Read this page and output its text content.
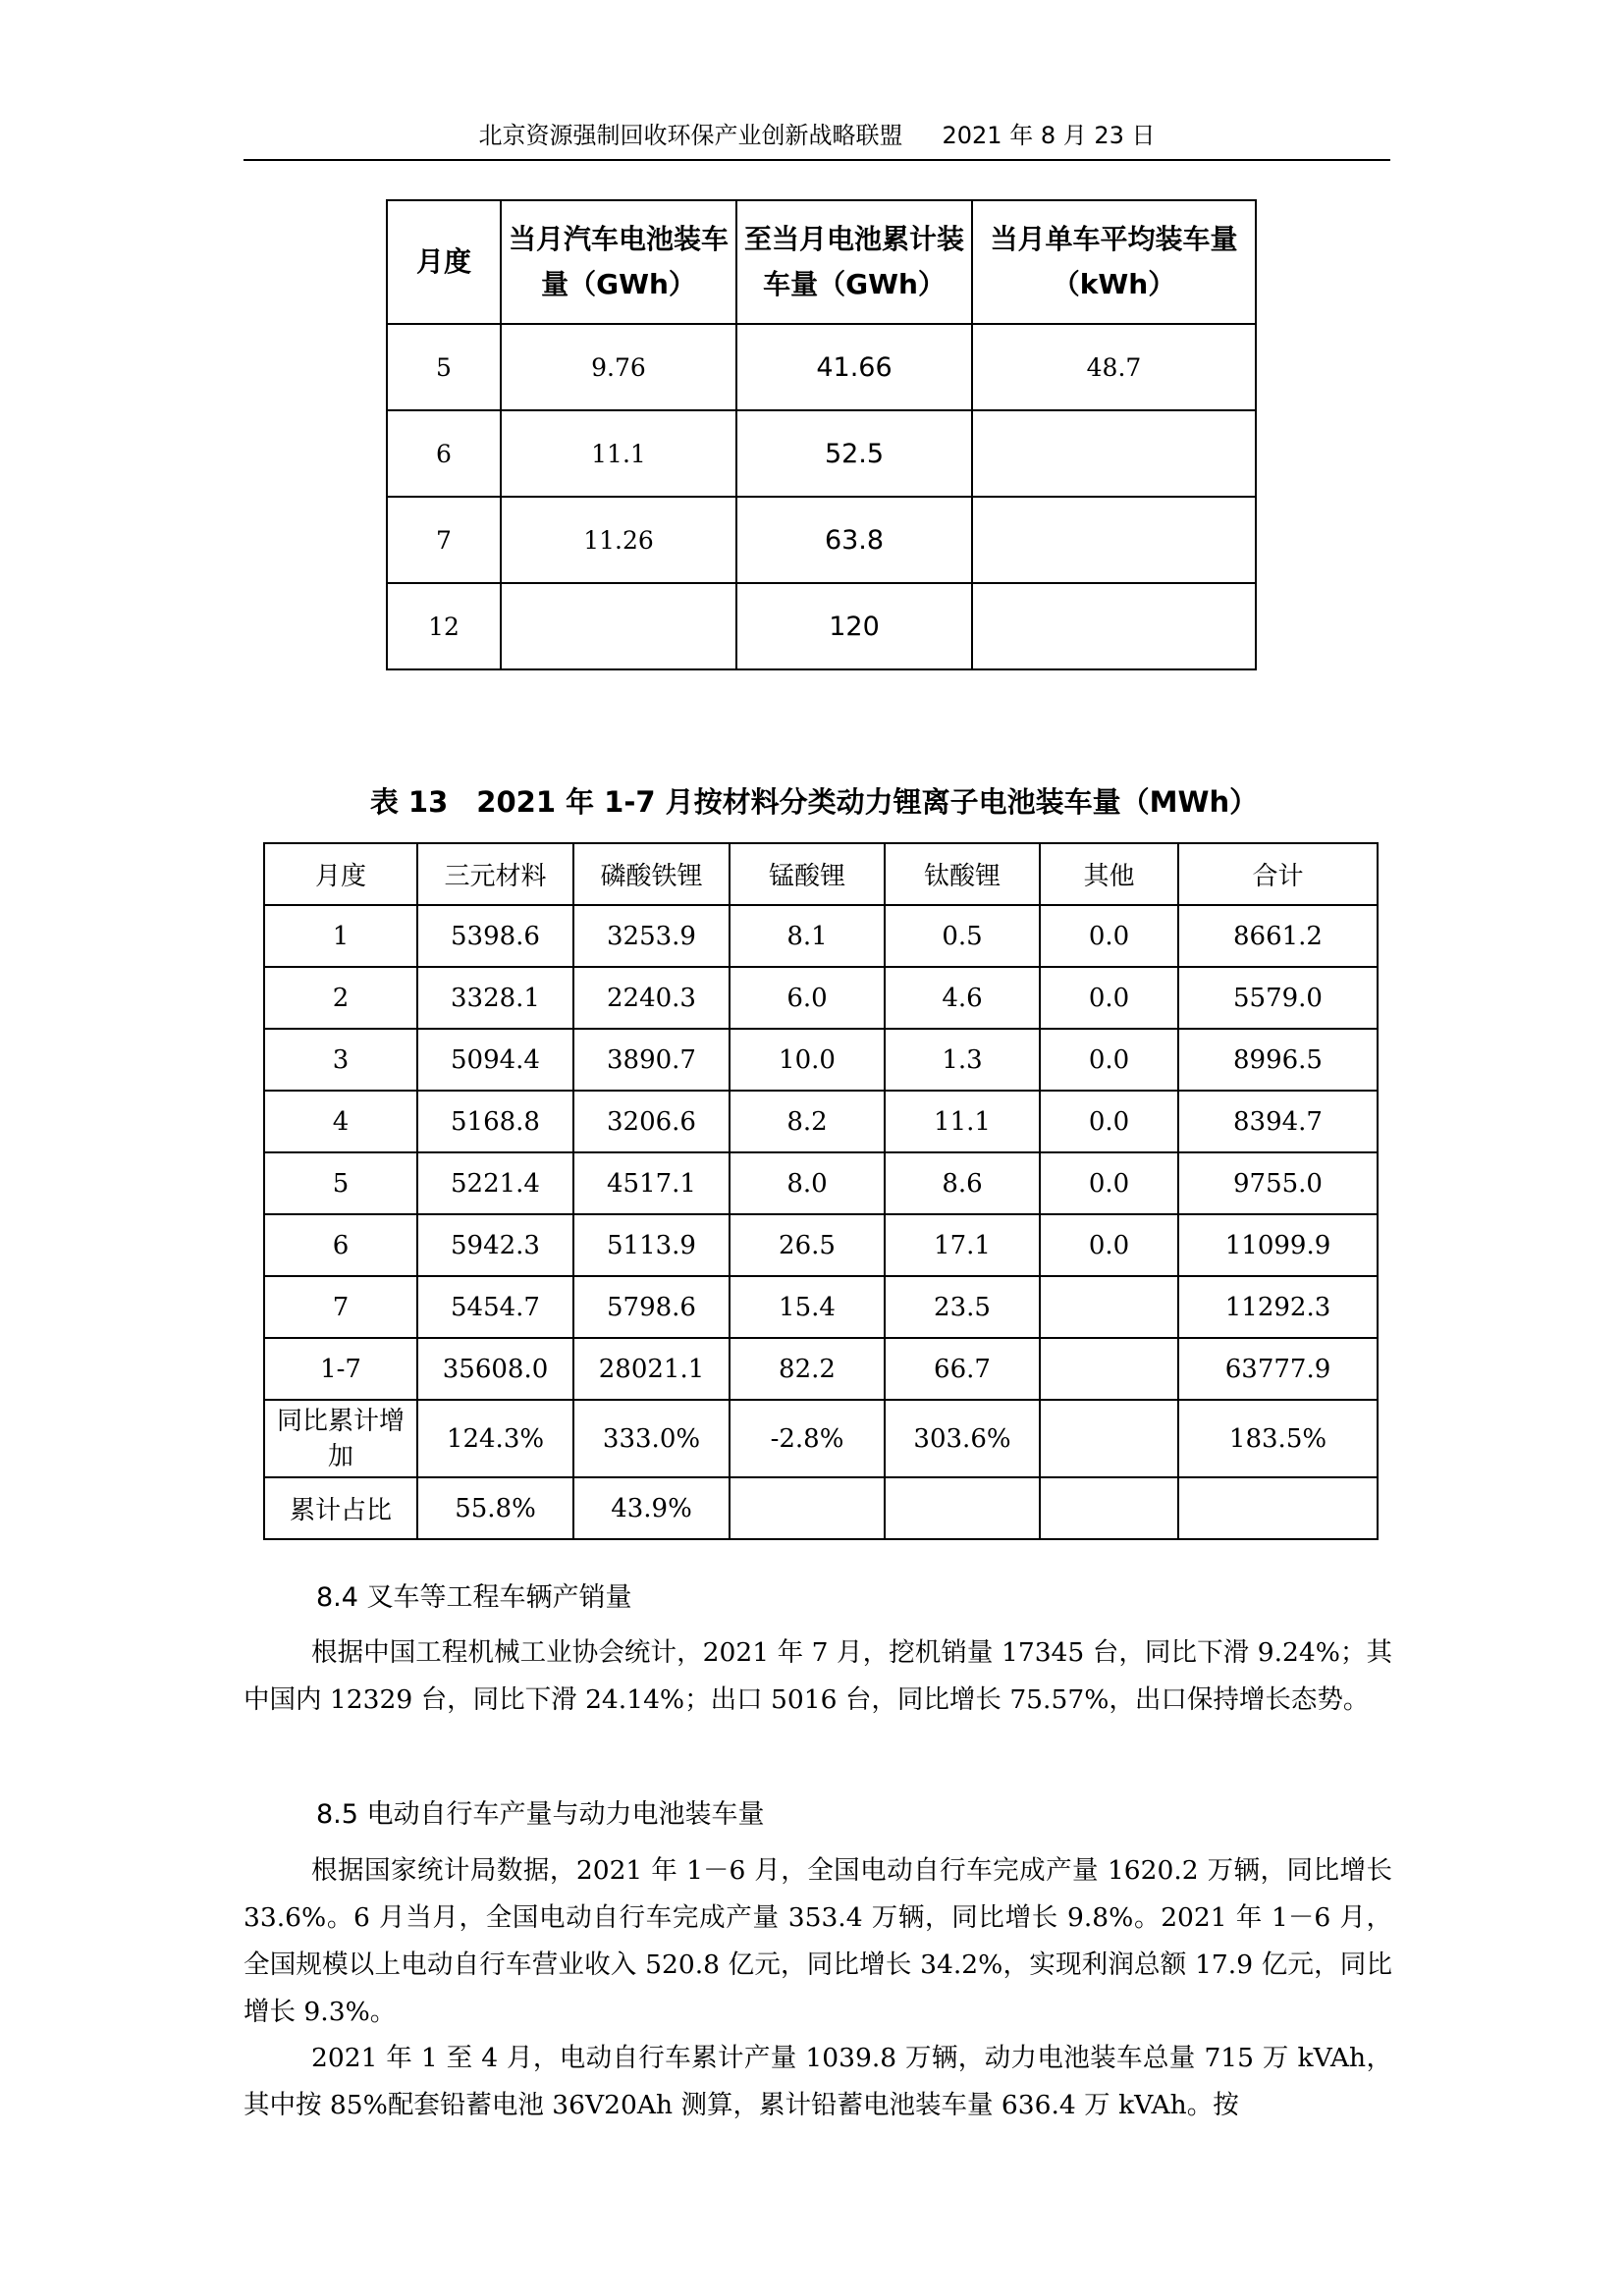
北京资源强制回收环保产业创新战略联盟 2021 年 8 月 23 日
月度	当月汽车电池装车量（GWh）	至当月电池累计装车量（GWh）	当月单车平均装车量（kWh）
5	9.76	41.66	48.7
6	11.1	52.5	
7	11.26	63.8	
12		120	
表 13　2021 年 1-7 月按材料分类动力锂离子电池装车量（MWh）
月度	三元材料	磷酸铁锂	锰酸锂	钛酸锂	其他	合计
1	5398.6	3253.9	8.1	0.5	0.0	8661.2
2	3328.1	2240.3	6.0	4.6	0.0	5579.0
3	5094.4	3890.7	10.0	1.3	0.0	8996.5
4	5168.8	3206.6	8.2	11.1	0.0	8394.7
5	5221.4	4517.1	8.0	8.6	0.0	9755.0
6	5942.3	5113.9	26.5	17.1	0.0	11099.9
7	5454.7	5798.6	15.4	23.5		11292.3
1-7	35608.0	28021.1	82.2	66.7		63777.9
同比累计增加	124.3%	333.0%	-2.8%	303.6%		183.5%
累计占比	55.8%	43.9%				
8.4 叉车等工程车辆产销量

根据中国工程机械工业协会统计，2021 年 7 月，挖机销量 17345 台，同比下滑 9.24%；其中国内 12329 台，同比下滑 24.14%；出口 5016 台，同比增长 75.57%，出口保持增长态势。

8.5 电动自行车产量与动力电池装车量

根据国家统计局数据，2021 年 1－6 月，全国电动自行车完成产量 1620.2 万辆，同比增长 33.6%。6 月当月，全国电动自行车完成产量 353.4 万辆，同比增长 9.8%。2021 年 1－6 月，全国规模以上电动自行车营业收入 520.8 亿元，同比增长 34.2%，实现利润总额 17.9 亿元，同比增长 9.3%。

2021 年 1 至 4 月，电动自行车累计产量 1039.8 万辆，动力电池装车总量 715 万 kVAh，其中按 85%配套铅蓄电池 36V20Ah 测算，累计铅蓄电池装车量 636.4 万 kVAh。按
